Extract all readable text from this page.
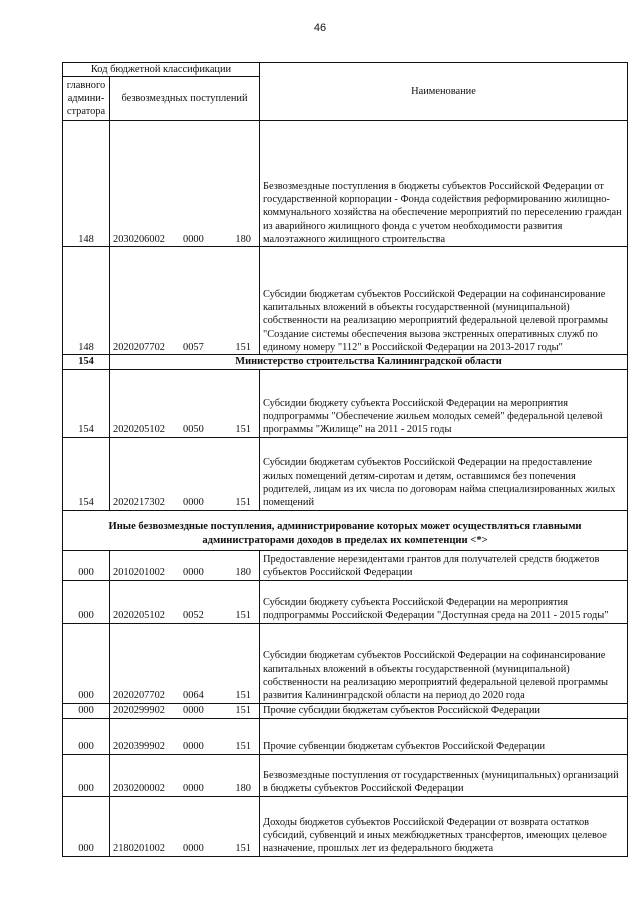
46
Код бюджетной классификации		Наименование
главного админи-стратора	безвозмездных поступлений	
148	2030206002 0000 180	Безвозмездные поступления в бюджеты субъектов Российской Федерации от государственной корпорации - Фонда содействия реформированию жилищно-коммунального хозяйства на обеспечение мероприятий по переселению граждан из аварийного жилищного фонда с учетом необходимости развития малоэтажного жилищного строительства
148	2020207702 0057 151	Субсидии бюджетам субъектов Российской Федерации на софинансирование капитальных вложений в объекты государственной (муниципальной) собственности на реализацию мероприятий федеральной целевой программы "Создание системы обеспечения вызова экстренных оперативных служб по единому номеру "112" в Российской Федерации на 2013-2017 годы"
154	Министерство строительства Калининградской области	
154	2020205102 0050 151	Субсидии бюджету субъекта Российской Федерации на мероприятия подпрограммы "Обеспечение жильем молодых семей" федеральной целевой программы "Жилище" на 2011 - 2015 годы
154	2020217302 0000 151	Субсидии бюджетам субъектов Российской Федерации на предоставление жилых помещений детям-сиротам и детям, оставшимся без попечения родителей, лицам из их числа по договорам найма специализированных жилых помещений
Иные безвозмездные поступления, администрирование которых может осуществляться главными администраторами доходов в пределах их компетенции <*>		
000	2010201002 0000 180	Предоставление нерезидентами грантов для получателей средств бюджетов субъектов Российской Федерации
000	2020205102 0052 151	Субсидии бюджету субъекта Российской Федерации на мероприятия подпрограммы Российской Федерации "Доступная среда на 2011 - 2015 годы"
000	2020207702 0064 151	Субсидии бюджетам субъектов Российской Федерации на софинансирование капитальных вложений в объекты государственной (муниципальной) собственности на реализацию мероприятий федеральной целевой программы развития Калининградской области на период до 2020 года
000	2020299902 0000 151	Прочие субсидии бюджетам субъектов Российской Федерации
000	2020399902 0000 151	Прочие субвенции бюджетам субъектов Российской Федерации
000	2030200002 0000 180	Безвозмездные поступления от государственных (муниципальных) организаций в бюджеты субъектов Российской Федерации
000	2180201002 0000 151	Доходы бюджетов субъектов Российской Федерации от возврата остатков субсидий, субвенций и иных межбюджетных трансфертов, имеющих целевое назначение, прошлых лет из федерального бюджета
